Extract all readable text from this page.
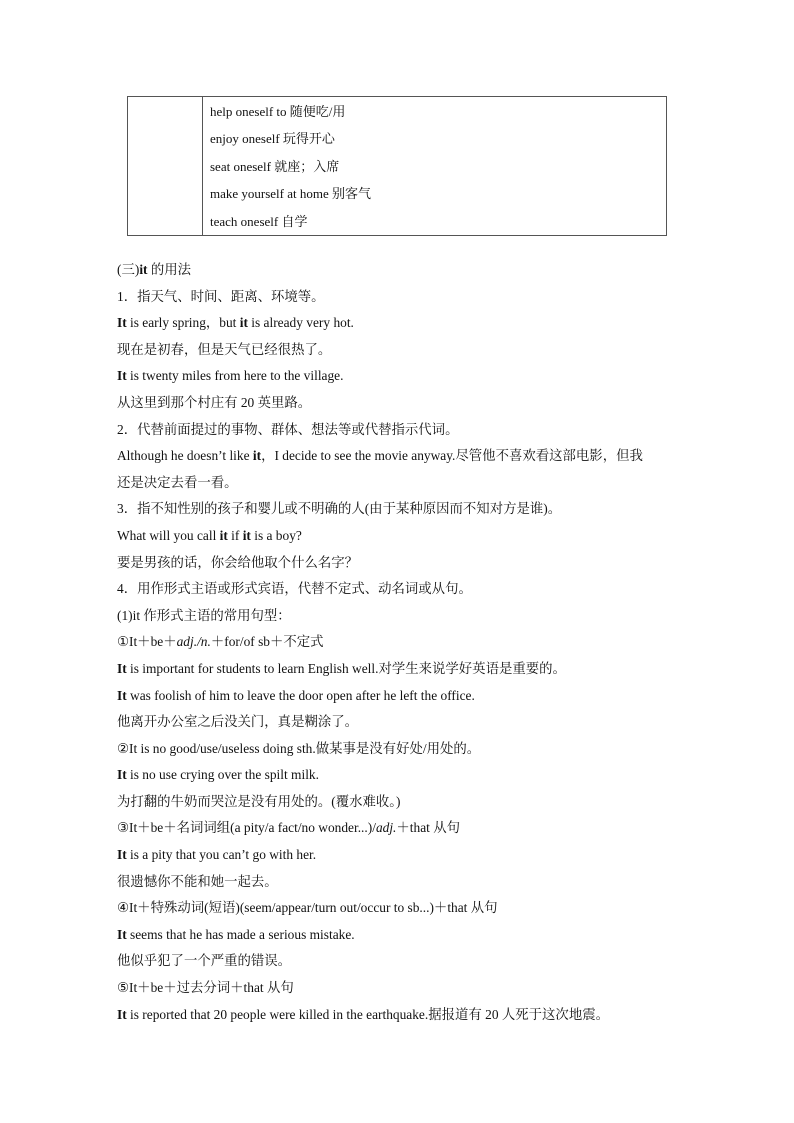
help oneself to 随便吃/用
enjoy oneself 玩得开心
seat oneself 就座；入席
make yourself at home 别客气
teach oneself 自学
(三)it 的用法
1．指天气、时间、距离、环境等。
It is early spring，but it is already very hot.
现在是初春，但是天气已经很热了。
It is twenty miles from here to the village.
从这里到那个村庄有 20 英里路。
2．代替前面提过的事物、群体、想法等或代替指示代词。
Although he doesn’t like it，I decide to see the movie anyway.尽管他不喜欢看这部电影，但我
还是决定去看一看。
3．指不知性别的孩子和婴儿或不明确的人(由于某种原因而不知对方是谁)。
What will you call it if it is a boy?
要是男孩的话，你会给他取个什么名字？
4．用作形式主语或形式宾语，代替不定式、动名词或从句。
(1)it 作形式主语的常用句型：
①It＋be＋adj./n.＋for/of sb＋不定式
It is important for students to learn English well.对学生来说学好英语是重要的。
It was foolish of him to leave the door open after he left the office.
他离开办公室之后没关门，真是糊涂了。
②It is no good/use/useless doing sth.做某事是没有好处/用处的。
It is no use crying over the spilt milk.
为打翻的牛奶而哭泣是没有用处的。(覆水难收。)
③It＋be＋名词词组(a pity/a fact/no wonder...)/adj.＋that 从句
It is a pity that you can’t go with her.
很遗憾你不能和她一起去。
④It＋特殊动词(短语)(seem/appear/turn out/occur to sb...)＋that 从句
It seems that he has made a serious mistake.
他似乎犯了一个严重的错误。
⑤It＋be＋过去分词＋that 从句
It is reported that 20 people were killed in the earthquake.据报道有 20 人死于这次地震。
